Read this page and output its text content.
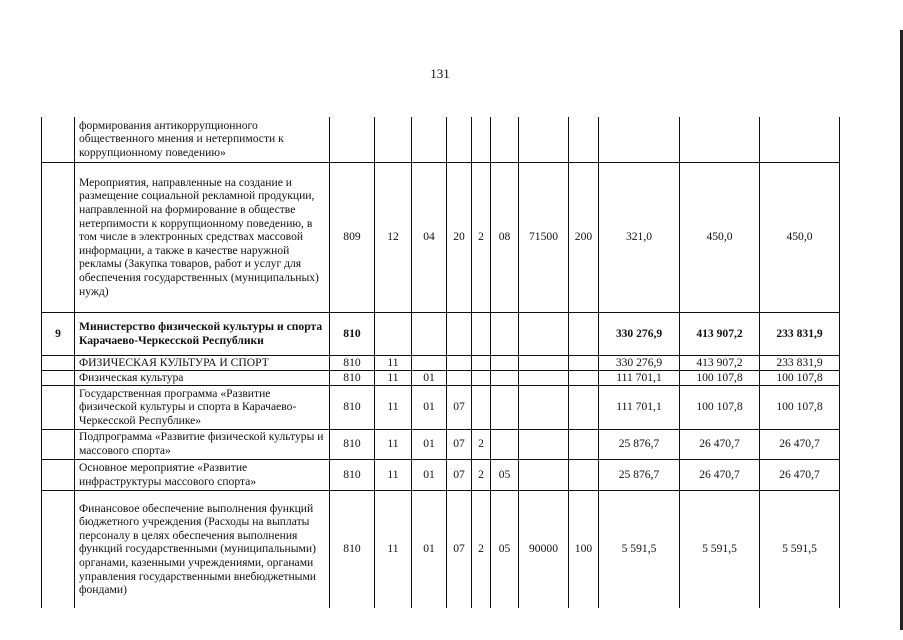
131
	формирования антикоррупционного общественного мнения и нетерпимости к коррупционному поведению»											
	Мероприятия, направленные на создание и размещение социальной рекламной продукции, направленной на формирование в обществе нетерпимости к коррупционному поведению, в том числе в электронных средствах массовой информации, а также в качестве наружной рекламы (Закупка товаров, работ и услуг для обеспечения государственных (муниципальных) нужд)	809	12	04	20	2	08	71500	200	321,0	450,0	450,0
9	Министерство физической культуры и спорта Карачаево-Черкесской Республики	810								330 276,9	413 907,2	233 831,9
	ФИЗИЧЕСКАЯ КУЛЬТУРА И СПОРТ	810	11							330 276,9	413 907,2	233 831,9
	Физическая культура	810	11	01						111 701,1	100 107,8	100 107,8
	Государственная программа «Развитие физической культуры и спорта в Карачаево-Черкесской Республике»	810	11	01	07					111 701,1	100 107,8	100 107,8
	Подпрограмма «Развитие физической культуры и массового спорта»	810	11	01	07	2				25 876,7	26 470,7	26 470,7
	Основное мероприятие «Развитие инфраструктуры массового спорта»	810	11	01	07	2	05			25 876,7	26 470,7	26 470,7
	Финансовое обеспечение выполнения функций бюджетного учреждения (Расходы на выплаты персоналу в целях обеспечения выполнения функций государственными (муниципальными) органами, казенными учреждениями, органами управления государственными внебюджетными фондами)	810	11	01	07	2	05	90000	100	5 591,5	5 591,5	5 591,5
